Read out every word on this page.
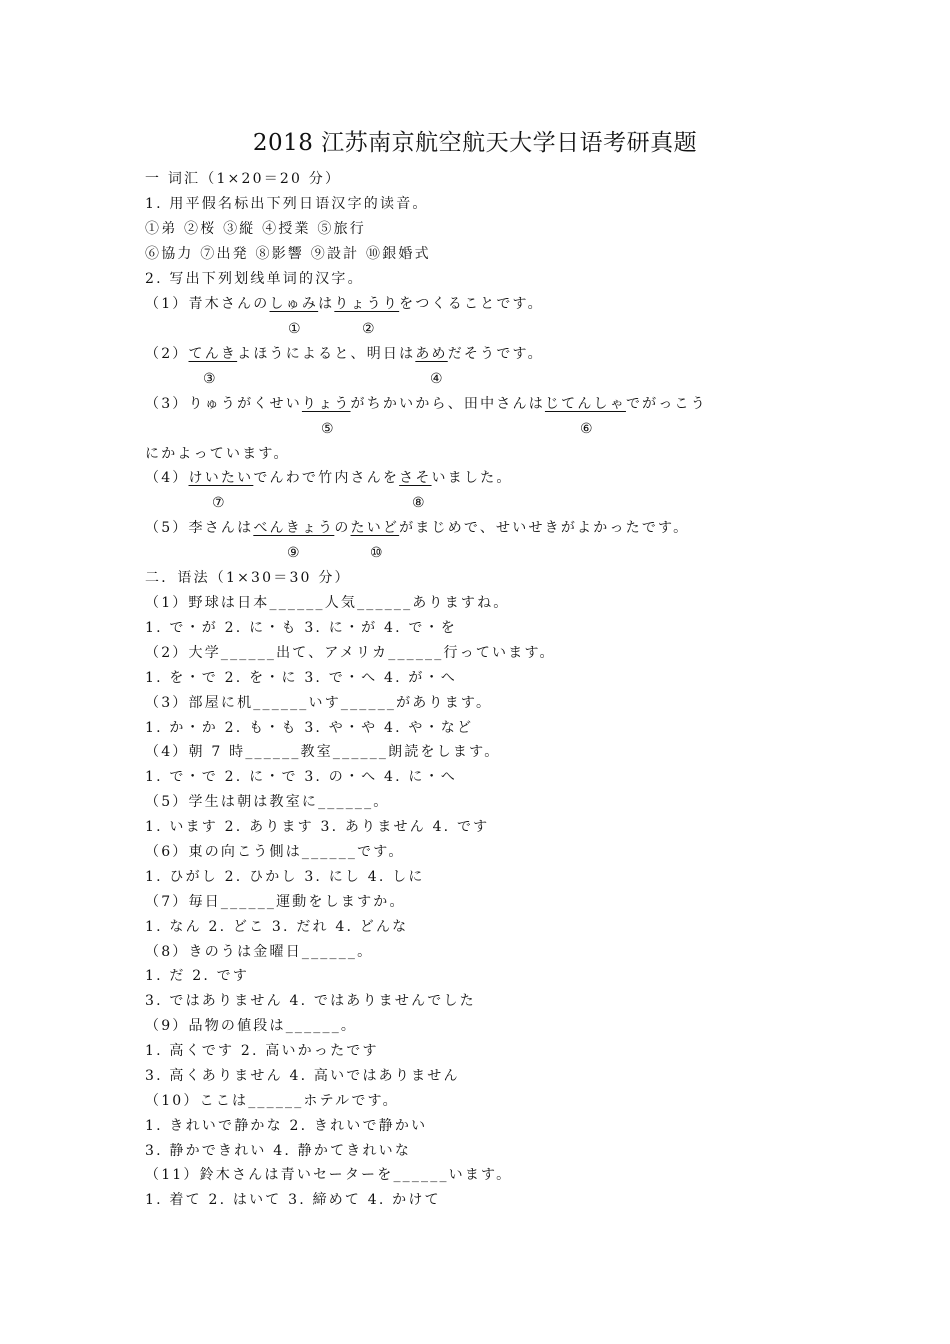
2018 江苏南京航空航天大学日语考研真题
一 词汇（1×20＝20 分）
1. 用平假名标出下列日语汉字的读音。
①弟 ②桜 ③縦 ④授業 ⑤旅行
⑥協力 ⑦出発 ⑧影響 ⑨設計 ⑩銀婚式
2. 写出下列划线单词的汉字。
（1）青木さんのしゅみはりょうりをつくることです。
①	②
（2）てんきよほうによると、明日はあめだそうです。
③	④
（3）りゅうがくせいりょうがちかいから、田中さんはじてんしゃでがっこう
⑤	⑥
にかよっています。
（4）けいたいでんわで竹内さんをさそいました。
⑦	⑧
（5）李さんはべんきょうのたいどがまじめで、せいせきがよかったです。
⑨	⑩
二．语法（1×30＝30 分）
（1）野球は日本______人気______ありますね。
1. で・が 2. に・も 3. に・が 4. で・を
（2）大学______出て、アメリカ______行っています。
1. を・で 2. を・に 3. で・へ 4. が・へ
（3）部屋に机______いす______があります。
1. か・か 2. も・も 3. や・や 4. や・など
（4）朝 7 時______教室______朗読をします。
1. で・で 2. に・で 3. の・へ 4. に・へ
（5）学生は朝は教室に______。
1. います 2. あります 3. ありません 4. です
（6）東の向こう側は______です。
1. ひがし 2. ひかし 3. にし 4. しに
（7）毎日______運動をしますか。
1. なん 2. どこ 3. だれ 4. どんな
（8）きのうは金曜日______。
1. だ 2. です
3. ではありません 4. ではありませんでした
（9）品物の値段は______。
1. 高くです 2. 高いかったです
3. 高くありません 4. 高いではありません
（10）ここは______ホテルです。
1. きれいで静かな 2. きれいで静かい
3. 静かできれい 4. 静かてきれいな
（11）鈴木さんは青いセーターを______います。
1. 着て 2. はいて 3. 締めて 4. かけて
